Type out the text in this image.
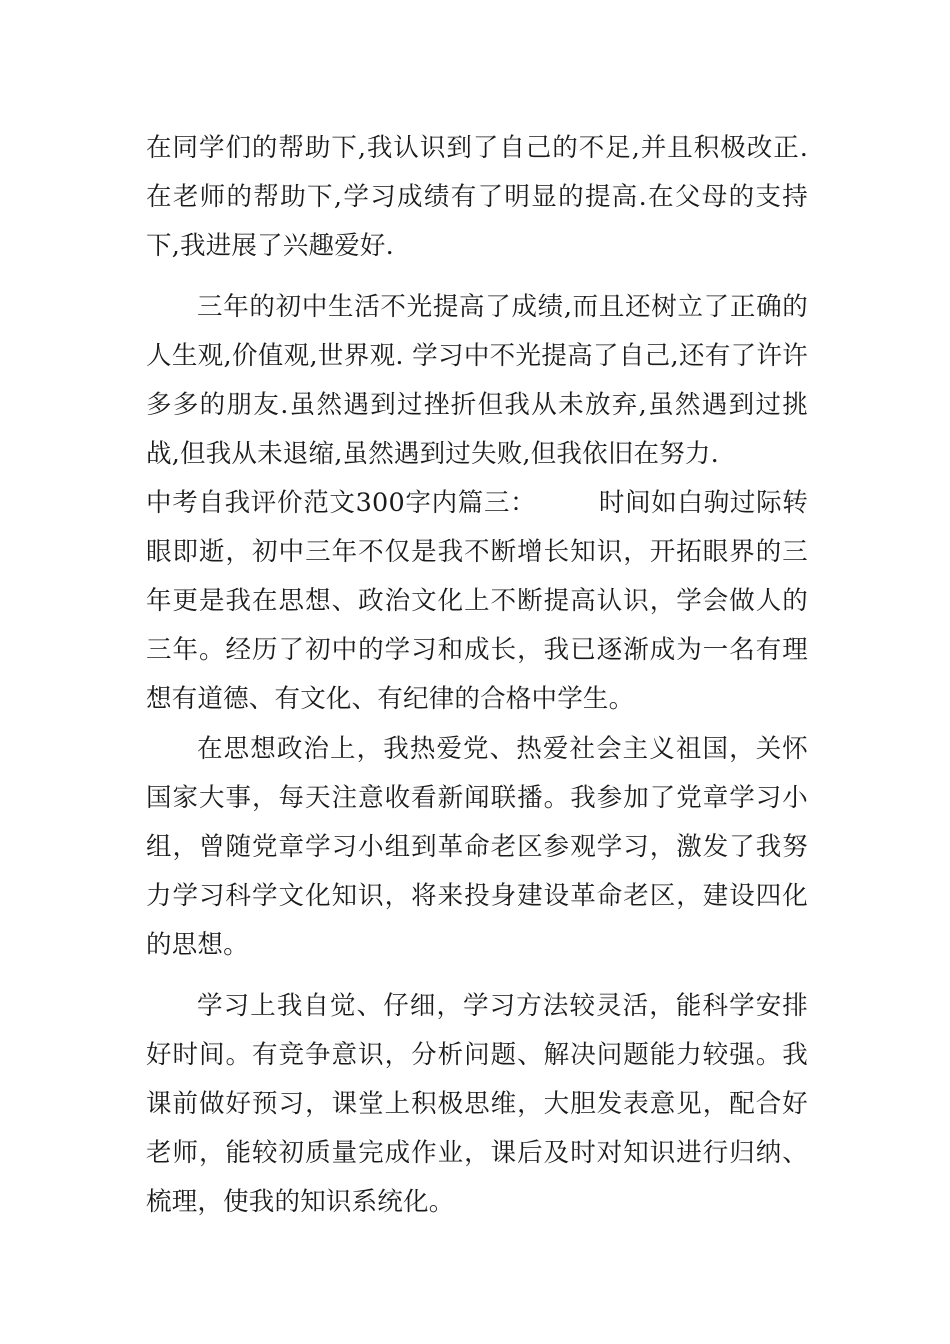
在同学们的帮助下,我认识到了自己的不足,并且积极改正.在老师的帮助下,学习成绩有了明显的提高.在父母的支持下,我进展了兴趣爱好.

三年的初中生活不光提高了成绩,而且还树立了正确的人生观,价值观,世界观. 学习中不光提高了自己,还有了许许多多的朋友.虽然遇到过挫折但我从未放弃,虽然遇到过挑战,但我从未退缩,虽然遇到过失败,但我依旧在努力.

中考自我评价范文300字内篇三： 时间如白驹过际转眼即逝，初中三年不仅是我不断增长知识，开拓眼界的三年更是我在思想、政治文化上不断提高认识，学会做人的三年。经历了初中的学习和成长，我已逐渐成为一名有理想有道德、有文化、有纪律的合格中学生。

在思想政治上，我热爱党、热爱社会主义祖国，关怀国家大事，每天注意收看新闻联播。我参加了党章学习小组，曾随党章学习小组到革命老区参观学习，激发了我努力学习科学文化知识，将来投身建设革命老区，建设四化的思想。

学习上我自觉、仔细，学习方法较灵活，能科学安排好时间。有竞争意识，分析问题、解决问题能力较强。我课前做好预习，课堂上积极思维，大胆发表意见，配合好老师，能较初质量完成作业，课后及时对知识进行归纳、梳理，使我的知识系统化。
